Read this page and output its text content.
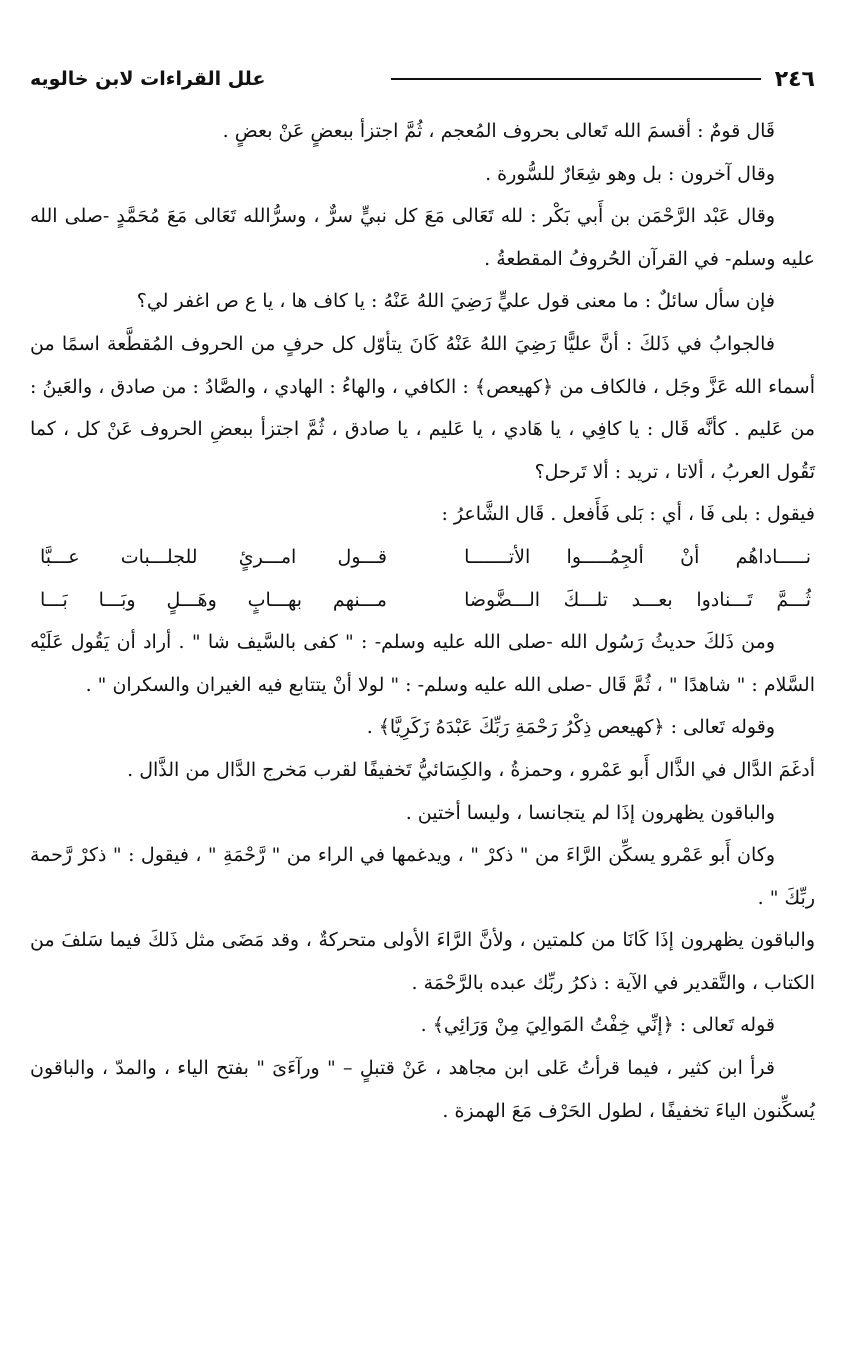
٢٤٦
علل القراءات لابن خالويه

قَال قومٌ : أقسمَ الله تَعالى بحروف المُعجم ، ثُمَّ اجتزأ ببعضٍ عَنْ بعضٍ .

وقال آخرون : بل وهو شِعَارٌ للسُّورة .

وقال عَبْد الرَّحْمَن بن أَبي بَكْر : لله تَعَالى مَعَ كل نبيٍّ سرٌّ ، وسرُّالله تَعَالى مَعَ مُحَمَّدٍ -صلى الله عليه وسلم- في القرآن الحُروفُ المقطعةُ .

فإن سأل سائلٌ : ما معنى قول عليٍّ رَضِيَ اللهُ عَنْهُ : يا كاف ها ، يا ع ص اغفر لي؟

فالجوابُ في ذَلكَ : أنَّ عليًّا رَضِيَ اللهُ عَنْهُ كَانَ يتأوّل كل حرفٍ من الحروف المُقطَّعة اسمًا من أسماء الله عَزَّ وجَل ، فالكاف من ﴿كهيعص﴾ : الكافي ، والهاءُ : الهادي ، والصَّادُ : من صادق ، والعَينُ : من عَليم . كأنَّه قَال : يا كافِي ، يا هَادي ، يا عَليم ، يا صادق ، ثُمَّ اجتزأ ببعضِ الحروف عَنْ كل ، كما تَقُول العربُ ، ألاتا ، تريد : ألا تَرحل؟

فيقول : بلى فَا ، أي : بَلى فَأَفعل . قَال الشَّاعرُ :

نـــــاداهُم أنْ ألجِمُـــــوا الأتـــــــا
قـــول امـــرئٍ للجلـــبات عـــبَّا
ثُـــمَّ تَـــنادوا بعـــد تلـــكَ الـــضَّوضا
مـــنهم بهـــابٍ وهَـــلٍ وبَـــا بَـــا

ومن ذَلكَ حديثُ رَسُول الله -صلى الله عليه وسلم- : " كفى بالسَّيف شا " . أراد أن يَقُول عَلَيْه السَّلام : " شاهدًا " ، ثُمَّ قَال -صلى الله عليه وسلم- : " لولا أنْ يتتابع فيه الغيران والسكران " .

وقوله تَعالى : ﴿كهيعص ذِكْرُ رَحْمَةِ رَبِّكَ عَبْدَهُ زَكَرِيَّا﴾ .

أدغَمَ الدَّال في الذَّال أَبو عَمْرو ، وحمزةُ ، والكِسَائيُّ تَخفيفًا لقرب مَخرج الدَّال من الذَّال .

والباقون يظهرون إذَا لم يتجانسا ، وليسا أختين .

وكان أَبو عَمْرو يسكِّن الرَّاءَ من " ذكرْ " ، ويدغمها في الراء من " رَّحْمَةِ " ، فيقول : " ذكرْ رَّحمة ربِّكَ " .

والباقون يظهرون إذَا كَانَا من كلمتين ، ولأنَّ الرَّاءَ الأولى متحركةٌ ، وقد مَضَى مثل ذَلكَ فيما سَلفَ من الكتاب ، والتَّقدير في الآية : ذكرُ ربِّك عبده بالرَّحْمَة .

قوله تَعالى : ﴿إنِّي خِفْتُ المَوالِيَ مِنْ وَرَائِي﴾ .

قرأ ابن كثير ، فيما قرأتُ عَلى ابن مجاهد ، عَنْ قتبلٍ – " ورآءَىَ " بفتح الياء ، والمدّ ، والباقون يُسكِّنون الياءَ تخفيفًا ، لطول الحَرْف مَعَ الهمزة .
